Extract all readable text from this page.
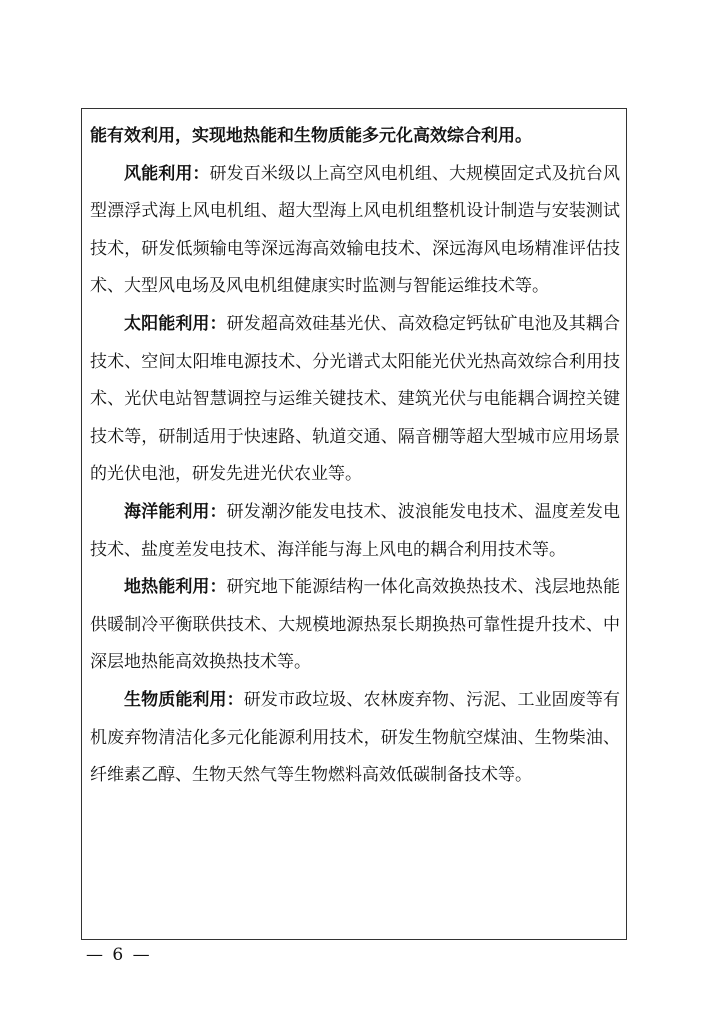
能有效利用，实现地热能和生物质能多元化高效综合利用。

风能利用：研发百米级以上高空风电机组、大规模固定式及抗台风型漂浮式海上风电机组、超大型海上风电机组整机设计制造与安装测试技术，研发低频输电等深远海高效输电技术、深远海风电场精准评估技术、大型风电场及风电机组健康实时监测与智能运维技术等。

太阳能利用：研发超高效硅基光伏、高效稳定钙钛矿电池及其耦合技术、空间太阳堆电源技术、分光谱式太阳能光伏光热高效综合利用技术、光伏电站智慧调控与运维关键技术、建筑光伏与电能耦合调控关键技术等，研制适用于快速路、轨道交通、隔音棚等超大型城市应用场景的光伏电池，研发先进光伏农业等。

海洋能利用：研发潮汐能发电技术、波浪能发电技术、温度差发电技术、盐度差发电技术、海洋能与海上风电的耦合利用技术等。

地热能利用：研究地下能源结构一体化高效换热技术、浅层地热能供暖制冷平衡联供技术、大规模地源热泵长期换热可靠性提升技术、中深层地热能高效换热技术等。

生物质能利用：研发市政垃圾、农林废弃物、污泥、工业固废等有机废弃物清洁化多元化能源利用技术，研发生物航空煤油、生物柴油、纤维素乙醇、生物天然气等生物燃料高效低碳制备技术等。

— 6 —
